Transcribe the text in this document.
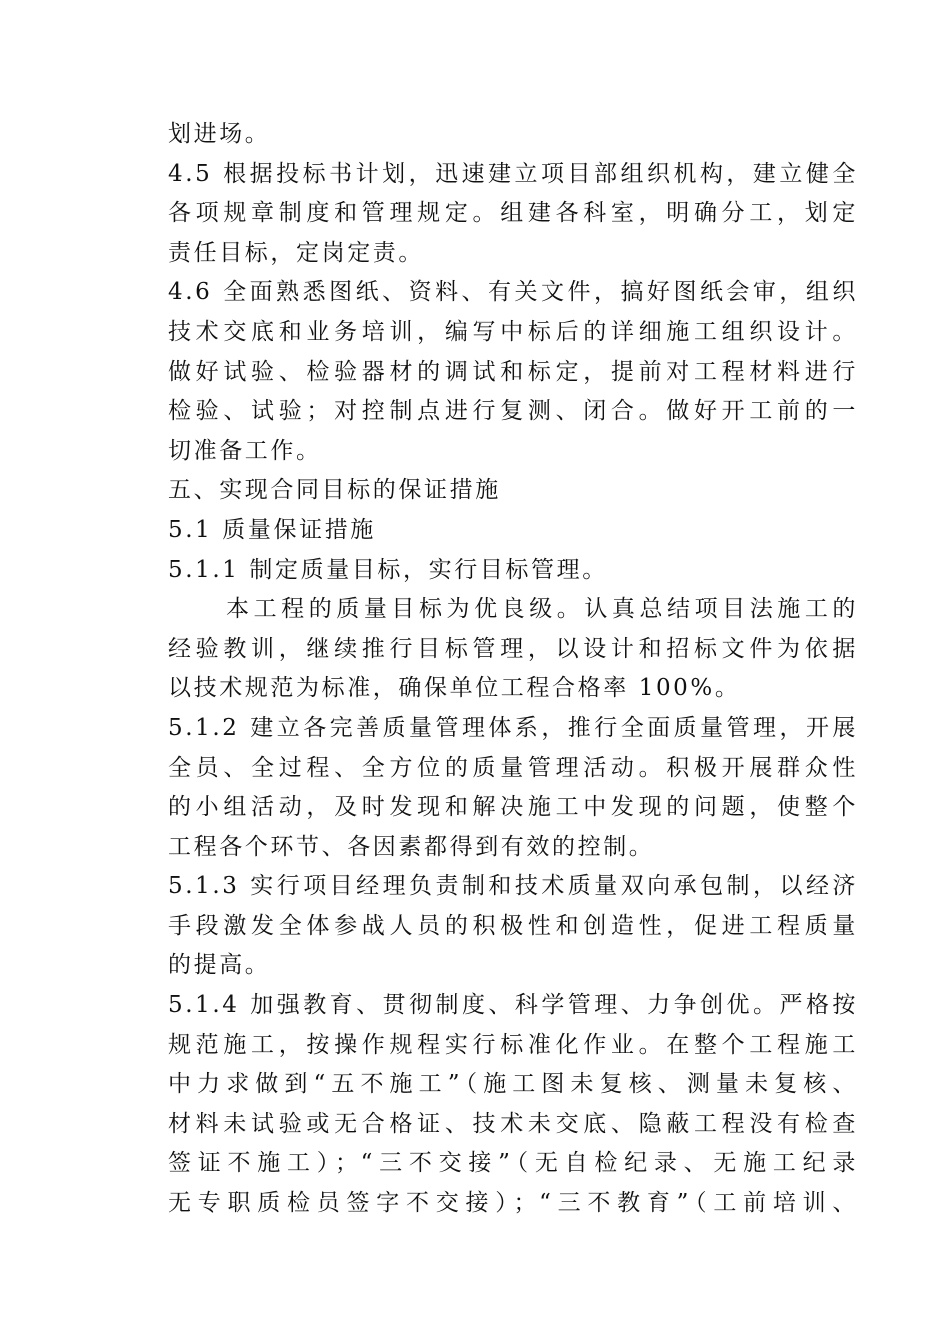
划进场。
4.5 根据投标书计划，迅速建立项目部组织机构，建立健全
各项规章制度和管理规定。组建各科室，明确分工，划定
责任目标，定岗定责。
4.6 全面熟悉图纸、资料、有关文件，搞好图纸会审，组织
技术交底和业务培训，编写中标后的详细施工组织设计。
做好试验、检验器材的调试和标定，提前对工程材料进行
检验、试验；对控制点进行复测、闭合。做好开工前的一
切准备工作。
五、实现合同目标的保证措施
5.1 质量保证措施
5.1.1 制定质量目标，实行目标管理。
本工程的质量目标为优良级。认真总结项目法施工的
经验教训，继续推行目标管理，以设计和招标文件为依据
以技术规范为标准，确保单位工程合格率 100%。
5.1.2 建立各完善质量管理体系，推行全面质量管理，开展
全员、全过程、全方位的质量管理活动。积极开展群众性
的小组活动，及时发现和解决施工中发现的问题，使整个
工程各个环节、各因素都得到有效的控制。
5.1.3 实行项目经理负责制和技术质量双向承包制，以经济
手段激发全体参战人员的积极性和创造性，促进工程质量
的提高。
5.1.4 加强教育、贯彻制度、科学管理、力争创优。严格按
规范施工，按操作规程实行标准化作业。在整个工程施工
中力求做到“五不施工”（施工图未复核、测量未复核、
材料未试验或无合格证、技术未交底、隐蔽工程没有检查
签证不施工）；“三不交接”（无自检纪录、无施工纪录
无专职质检员签字不交接）；“三不教育”（工前培训、
